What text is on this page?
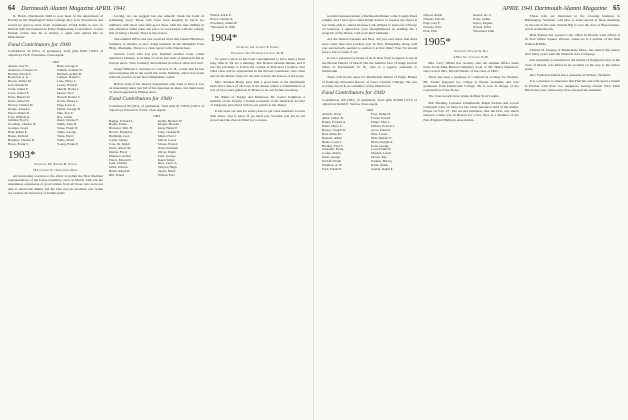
64 Dartmouth Alumni Magazine APRIL 1941

R. Hatch, Dartmouth 1940 is now head of the department of Botany in the Washington State College. Roy is in Woodstock and would be glad to hear from classmates. Frank Kiley is now in Detroit with his business in Kiley Engineering Corporation. Carlos Dennis writes that he is having a quiet and retired life in Manchester.

Fund Contributors for 1940
Contributors 59 (50%, of graduates). Total gifts $189. (100% of objective). H. B. Fessenden, Class Agent.
1902
Abbott, Guy H.
Anderson, Clarence G.
Bartlett, Edwin T.
Bostwick, A. G.
Brown, Perley M.
Carr, Robert H.
Clark, James P.
Cross, Walter F.
Dana, Harold W.
Davis, Albert H.
Dewey, Charles M.
Dodge, Joseph L.
Eaton, Walter R.
Foss, William A.
Gilman, Fred S.
Goodhue, Charles W.
Granger, Lloyd
Hale, Ralph E.
Hayes, Richard
Hopkins, Charles R.
Howe, Frank T.
Hunt, George P.
Jenkins, Samuel W.
Kimball, Arthur B.
Lamper, Daniel L.
Lane, Harry C.
Lewis, Frank P.
Merrill, Henry L.
Moore, Fred
Newell, Robert C.
Norris, Henry L.
Page, Leon A.
Parker, George B.
Pike, Roy E.
Ray, Arthur
Read, Charles F.
Smith, John H.
Stone, Frank W.
Tuttle, George
Wade, Harry
Wells, Albert
Young, Frank P.
1903*
Secretary, Dr. Edward B. Sturgis
18 Lougheed St., Worcester, Mass.

An interesting reaction to the effort to gather the New England representatives of the forest-dormitory class on March 14th was the unanimous expression of good wishes from all those who were not able to attend the dinner, but the idea was an excellent one. Some are around our Secretary of Indianopolis.

forcing, we can suggest but one remedy: break the habit of remaining away. Those who have been keeping in touch are numbers with those who find good cheer with the true smiling in this existence either takes the place of association with the college that of being a friend. There is the reason.

The Alumni Office has just received word that Daniel Hinckley, formerly of Atlanta, is now doing business in the Memphis Trust Bldg., Memphis. There is a class report to his friends here.

Stewart Cobb who has just finished another book called America's Destiny, is writing of all he has seen of American life in Europe since. They formerly did business in school, often and well.

Judge William L. Stevens of Concord, N. H., writes that he has been enjoying life in the world trip in the Summer, and is now back with his practice in the New Hampshire courts.

Before class of the history department who want to have it was an interesting letter last fall of his experiences there. Let them learn of what happened at Hilltop since.

Fund Contributors for 1940
Contributors 80 (45%, of graduates). Total gifts $1,738.50 (102% of objective). Edward S. Farrar, Class Agent.
1903
Badger, Edward L.
Bolles, Frank
Brewster, Wm. H.
Brown, Frederick
Burnham, Leon
Carter, Sidney
Cole, Dr. Ralph
Davis, Albert M.
Dutton, Harry
Emerson, Arthur
Farrar, Edward S.
Gale, Charles
Gillis, Warren
Hatch, Ralph B.
Hill, Ernest
Keller, Herbert W.
Kinger, Howard
King, Henry E.
Lane, Charles H.
Mann, Fred J.
Marsh, Lewis
Morse, Everett
Nash, Kenneth
Oliver, Ralph
Pratt, George
Reed, Walter
Rice, Lewis L.
Sawyer, Hugh
Taylor, Harry
Wilson, Earl
Wilson, Earle E.
Wood, Chester A.
Woodbury, James H.
*Deceased in 1940
1904*
Secretary, Dr. Charles F. Sarren
Waterville Inn, Waterville Valley, N. H.

So great a pitch as has been contemplated to have been a most busy time in '04 for a meeting. The Boston Alumni Dinner and it was my privilege to follow the contest at Princeton I believe. Our 1904 class will be represented in the Boston Commons, who often ask for the dinner when it's our turn to have the honors of the party.

Mrs. Thomas Hanly gave him a good time at the Dartmouth Club and a dance of old boys at the dinner where a remembrance of sort of boys were gathered in Honor to be our former secretary.

Dr. Blake of Tapley and Mahoney, Dr. Carter Leighton, a member of the faculty, a former president of the American Society of Surgeons and others will be our guests at the dinner.

It has been our aim for some years to get class members to have their share, and to know if we need you, because you are in our record and the class is filled for a reason.

APRIL 1941 Dartmouth Alumni Magazine 65

received announcement a Dartmouth Dinner at the Copley Plaza tonight, and I have just called Ralph Sexton to express my regret at not being able to attend because I am obliged to leave for Chicago on business. I appreciate your thoughtfulness in sending me a program of the dinner, with your kind reminder.

Are the Orman Lalande and Bert, did you ever know that there were other men that worked over in New Hampshire along with you and nobody seemed to realize it at that time? Your '04 should keep a fair account of all.

It was a pleasure for many of us in New York to appear to see in the Boston Herald of March 5th, the familiar face of Judge Donald Tibbs of Portsmouth, N. H., who is a regular attendant to Dartmouth.

There will be the news for Dartmouth alumni of Edgar Haines of Peabody, Reverend Rector of Grace Church, Chicago. He was recently sworn in as a member of the Illinois bar.

Fund Contributors for 1940
Contributors 109 (48%, of graduates). Total gifts $2,088 (115% of objective). Ralph E. Sexton, Class Agent.
1904
Aldrich, Oscar
Allen, Luther B.
Bailey, Edward A.
Baker, Harry L.
Barton, Joseph W.
Bell, Julius M.
Bennett, Albert
Blake, Louis J.
Bradley, Fred S.
Chandler, Frank
Cooke, Arthur
Dean, George
Dolloff, Frank
Eastman, A. W.
Ford, Frank H.
Foss, Daniel E.
Foster, Everett
Fuller, John L.
Gilbert, Everett J.
Gove, Edward
Hale, Lester
Hall, Herbert F.
Hunt, Dwight A.
Kent, George
Lord, Frank W.
Marden, Lewis
Moore, Ray
Perkins, Harvey
Rand, Arthur
Sexton, Ralph E.
Nelson, Ralph
Nichols, Harold
Page, Guy F.
Parsons, Edw.
Pratt, Ellis
Stearns, Dr. C.
Stone, Arthur
Taylor, Eugene
Watson, Elliot
*Deceased 1940
1905*
Secretary, Walter W. Day
4 High St., Concord, N. H.

Mrs. Lucy Wilder has recently sent the Alumni Office some news about Miss Barbara Salisbury Scott, to Mr. Henry Dennison, and a son of Mrs. Harold Wilder, of the class of 1905.

There has been a graduate of Connecticut College for Women, Mr. Tobias prepared for college at Exeter Academy and was graduated from Dartmouth College. He is now in charge of the construction of the Stone.

The class records here widen in Miss Scott's name.

Bob Harding, Leltoane Chamberlin, Ralph Stearns and Lovell Campbell went on hand for the Class luncheon held at the Parker House on Feb. 27. The second luncheon, like the first, was much enjoyed. Camp was in Boston for a few days as a member of the New England Highway Association.

Those who are interested in the crossing business in Bennington, Vermont, will have to send reports of those meetings by the end of the year. Warren Bly is over the state of Bonaventure, and is in Dartmouth.

Hale Wilson has opened a law office in Boston with offices at 10 Post Office Square, Boston, where he is a partner of the firm Wilson & Hale.

Charles H. Cheney of Bethlehem, Mass., has retired this winter after thirty years with the Simonds Saw Company.

Our sympathy is extended to the family of Pangborn who, at the close of March, was killed in an accident on his way to his winter home.

Rev. Frederick Dainis has a pastorate in Walton, Vermont.

It is a pleasure to announce that Fletcher and wife spent a month in Florida with their two daughters, having chosen West Palm Beach this year, where they have enjoyed the sunshine.
